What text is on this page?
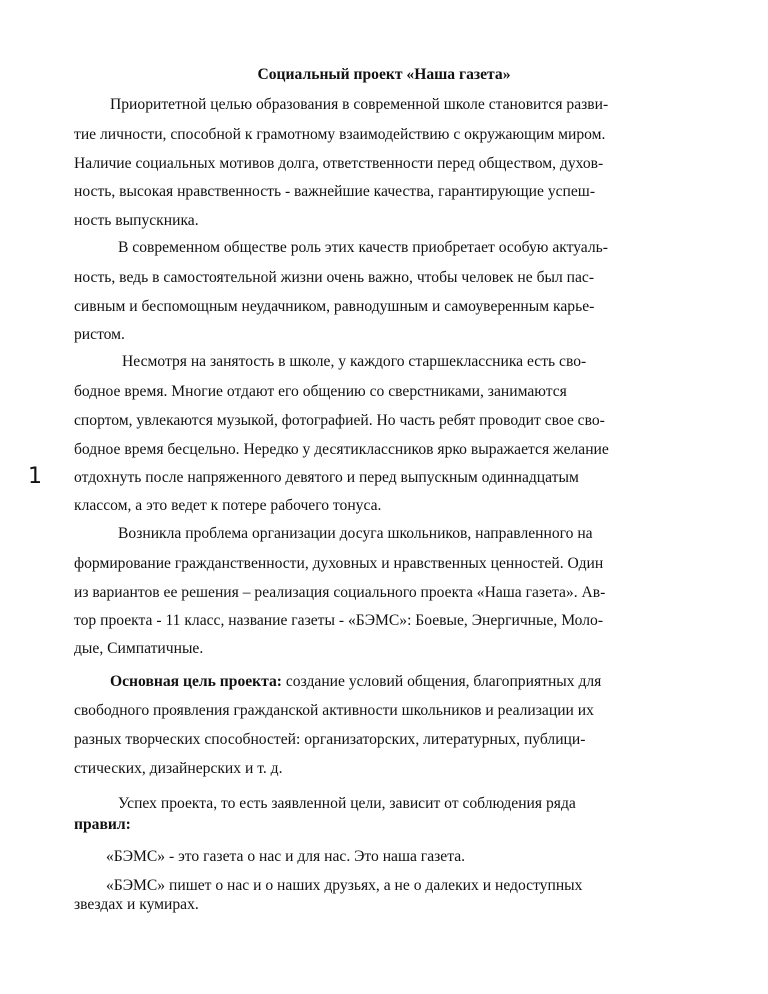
Социальный проект «Наша газета»
1
Приоритетной целью образования в современной школе становится разви-
тие личности, способной к грамотному взаимодействию с окружающим миром.
Наличие социальных мотивов долга, ответственности перед обществом, духов-
ность, высокая нравственность - важнейшие качества, гарантирующие успеш-
ность выпускника.
В современном обществе роль этих качеств приобретает особую актуаль-
ность, ведь в самостоятельной жизни очень важно, чтобы человек не был пас-
сивным и беспомощным неудачником, равнодушным и самоуверенным карье-
ристом.
Несмотря на занятость в школе, у каждого старшеклассника есть сво-
бодное время. Многие отдают его общению со сверстниками, занимаются
спортом, увлекаются музыкой, фотографией. Но часть ребят проводит свое сво-
бодное время бесцельно. Нередко у десятиклассников ярко выражается желание
отдохнуть после напряженного девятого и перед выпускным одиннадцатым
классом, а это ведет к потере рабочего тонуса.
Возникла проблема организации досуга школьников, направленного на
формирование гражданственности, духовных и нравственных ценностей. Один
из вариантов ее решения – реализация социального проекта «Наша газета». Ав-
тор проекта - 11 класс, название газеты - «БЭМС»: Боевые, Энергичные, Моло-
дые, Симпатичные.
Основная цель проекта: создание условий общения, благоприятных для
свободного проявления гражданской активности школьников и реализации их
разных творческих способностей: организаторских, литературных, публици-
стических, дизайнерских и т. д.
Успех проекта, то есть заявленной цели, зависит от соблюдения ряда
правил:
«БЭМС» - это газета о нас и для нас. Это наша газета.
«БЭМС» пишет о нас и о наших друзьях, а не о далеких и недоступных
звездах и кумирах.
